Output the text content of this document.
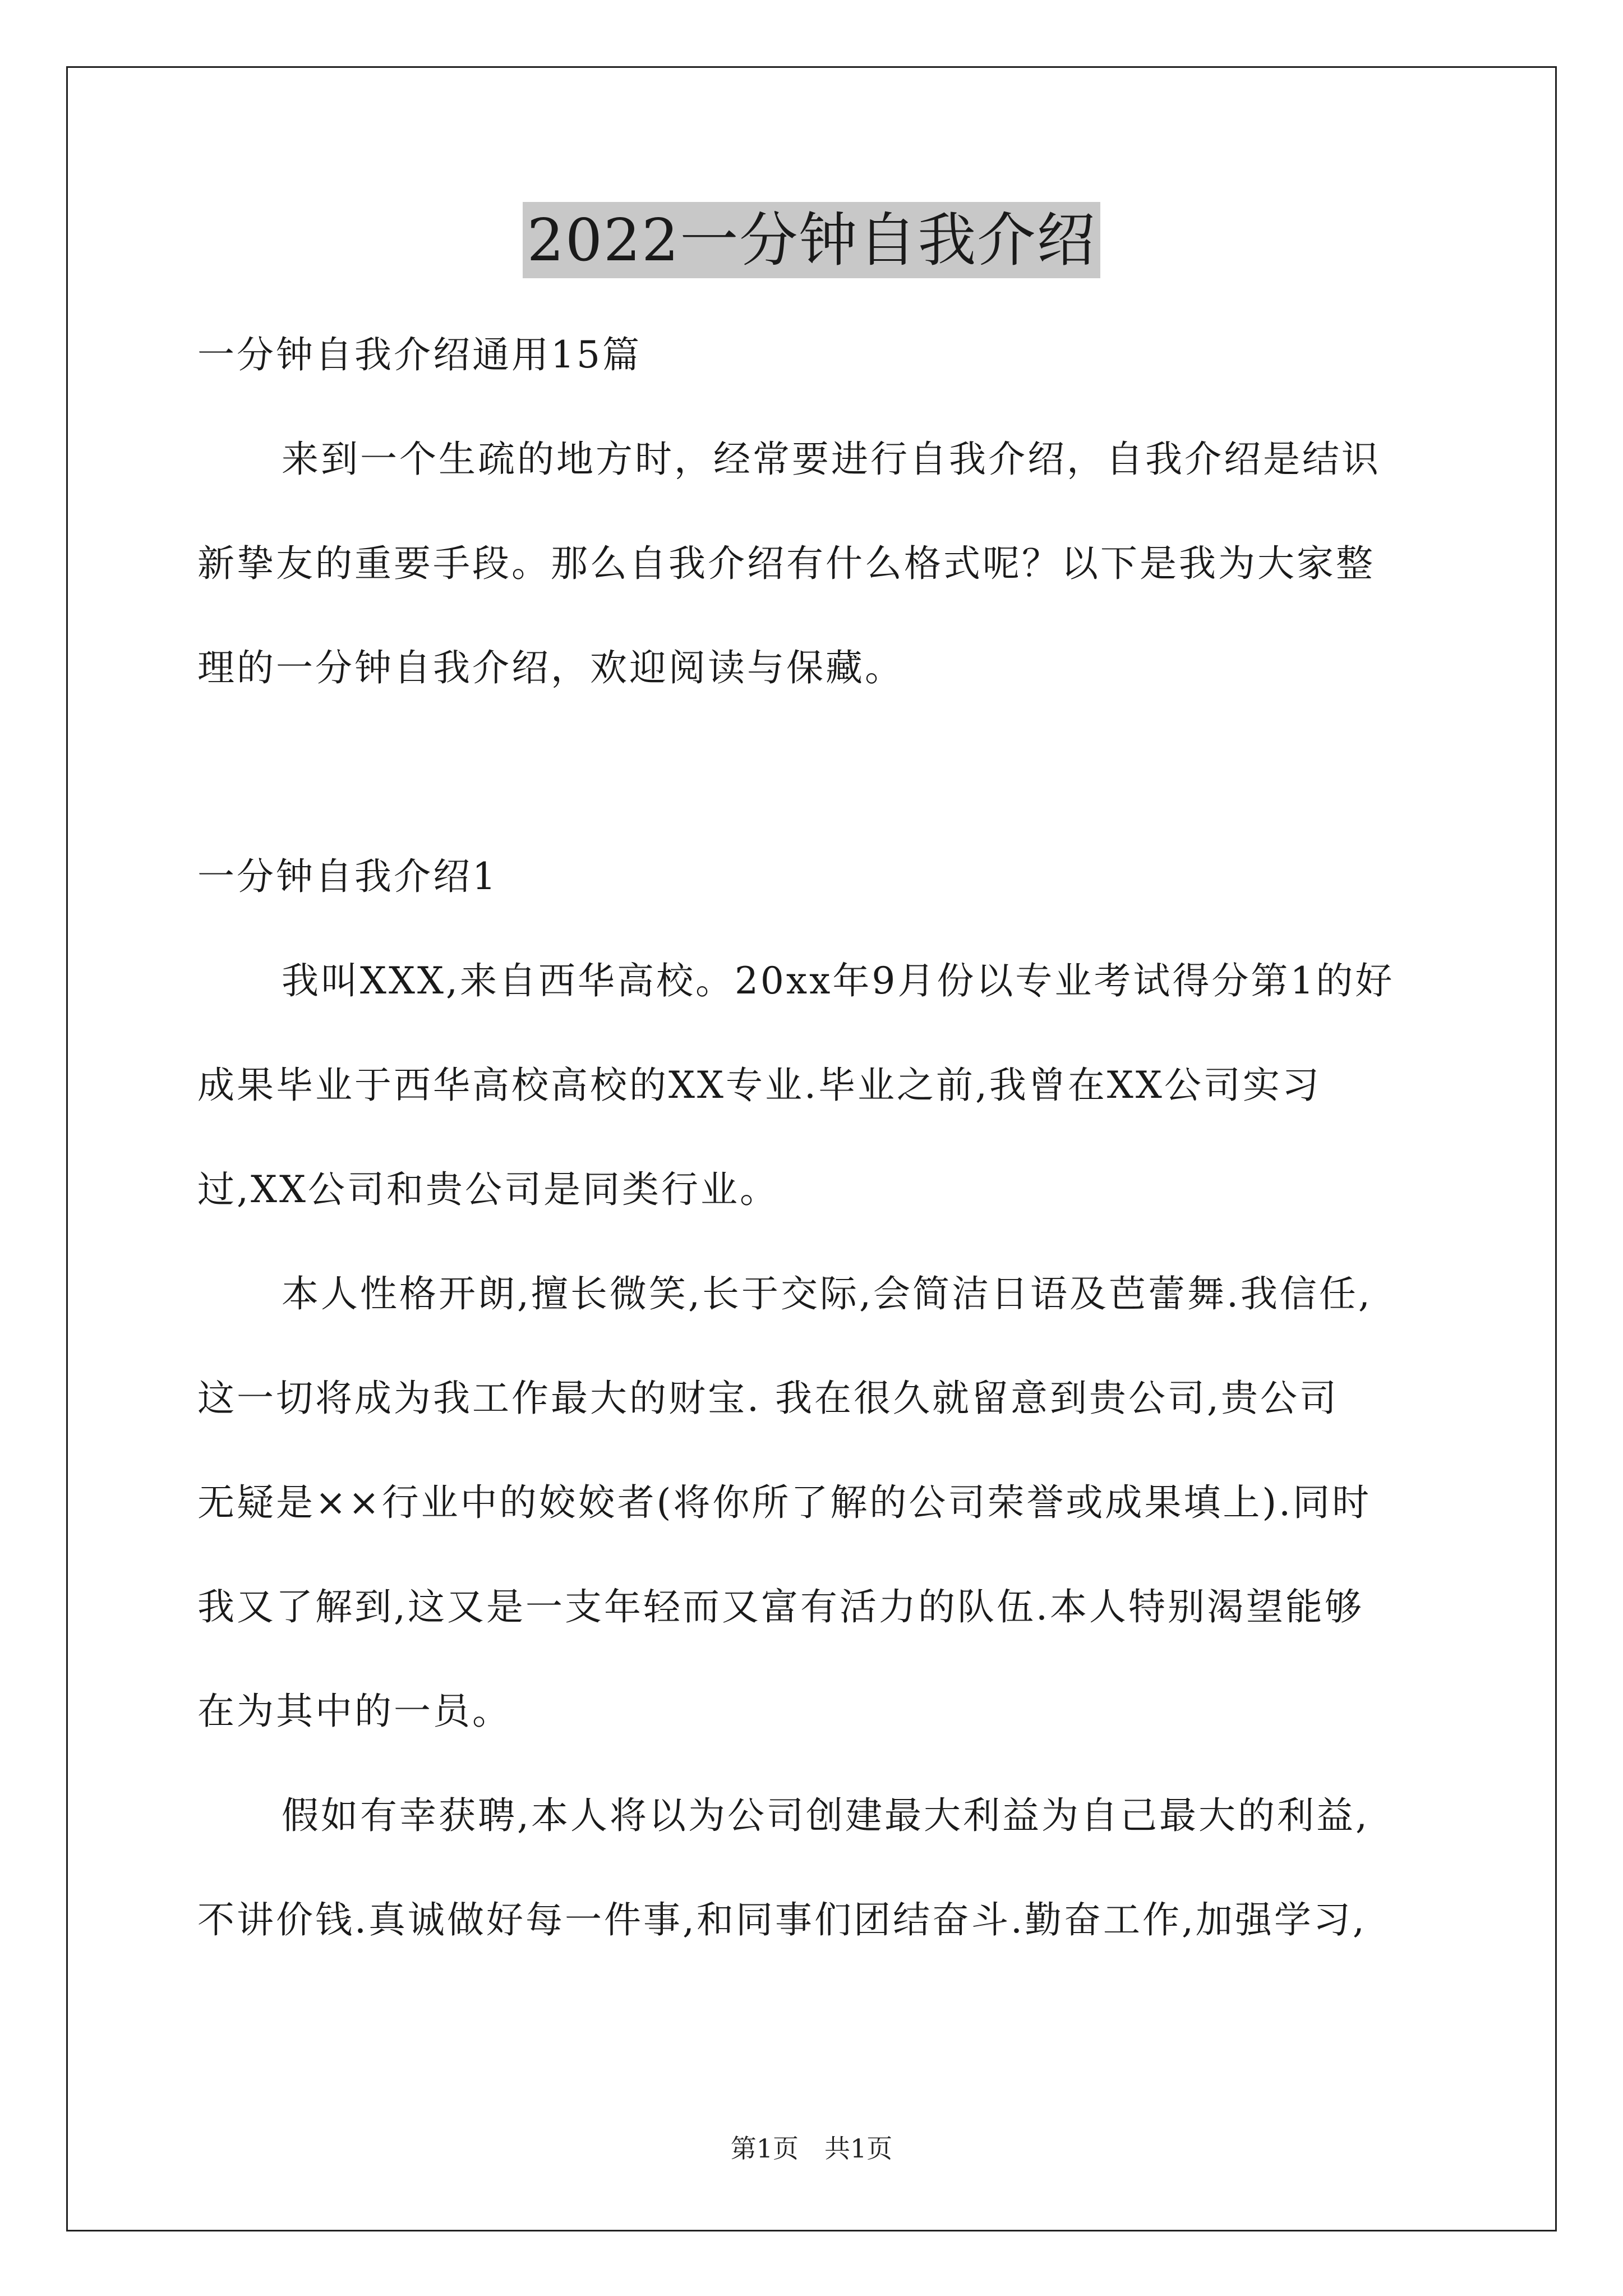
2022一分钟自我介绍
一分钟自我介绍通用15篇
来到一个生疏的地方时，经常要进行自我介绍，自我介绍是结识
新挚友的重要手段。那么自我介绍有什么格式呢？以下是我为大家整
理的一分钟自我介绍，欢迎阅读与保藏。
一分钟自我介绍1
我叫XXX,来自西华高校。20xx年9月份以专业考试得分第1的好
成果毕业于西华高校高校的XX专业.毕业之前,我曾在XX公司实习
过,XX公司和贵公司是同类行业。
本人性格开朗,擅长微笑,长于交际,会简洁日语及芭蕾舞.我信任,
这一切将成为我工作最大的财宝. 我在很久就留意到贵公司,贵公司
无疑是××行业中的姣姣者(将你所了解的公司荣誉或成果填上).同时
我又了解到,这又是一支年轻而又富有活力的队伍.本人特别渴望能够
在为其中的一员。
假如有幸获聘,本人将以为公司创建最大利益为自己最大的利益,
不讲价钱.真诚做好每一件事,和同事们团结奋斗.勤奋工作,加强学习,
第1页　共1页
